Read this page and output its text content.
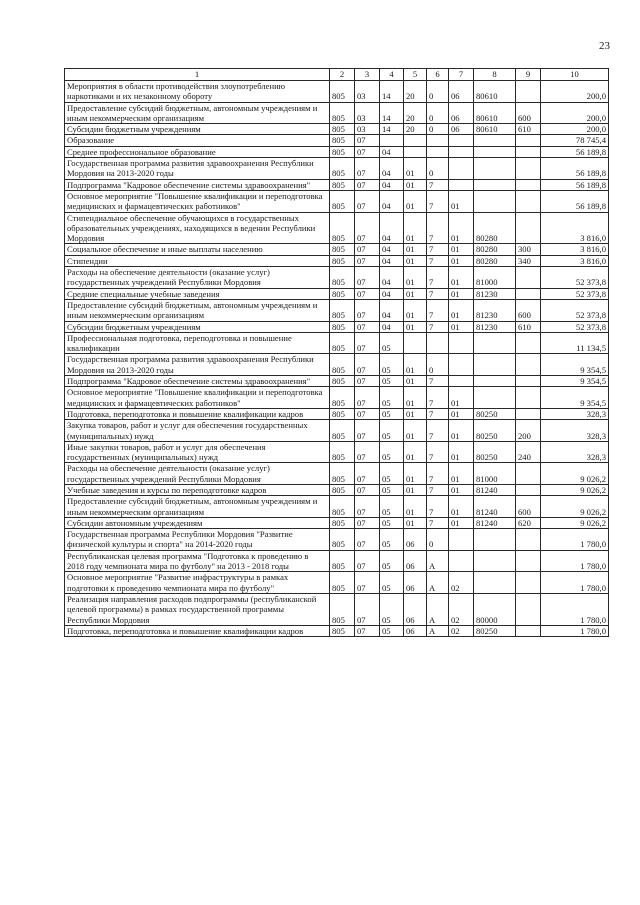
23
1	2	3	4	5	6	7	8	9	10
Мероприятия в области противодействия злоупотреблению наркотиками и их незаконному обороту	805	03	14	20	0	06	80610		200,0
Предоставление субсидий бюджетным, автономным учреждениям и иным некоммерческим организациям	805	03	14	20	0	06	80610	600	200,0
Субсидии бюджетным учреждениям	805	03	14	20	0	06	80610	610	200,0
Образование	805	07							78 745,4
Среднее профессиональное образование	805	07	04						56 189,8
Государственная программа развития здравоохранения Республики Мордовия на 2013-2020 годы	805	07	04	01	0				56 189,8
Подпрограмма "Кадровое обеспечение системы здравоохранения"	805	07	04	01	7				56 189,8
Основное мероприятие "Повышение квалификации и переподготовка медицинских и фармацевтических работников"	805	07	04	01	7	01			56 189,8
Стипендиальное обеспечение обучающихся в государственных образовательных учреждениях, находящихся в ведении Республики Мордовия	805	07	04	01	7	01	80280		3 816,0
Социальное обеспечение и иные выплаты населению	805	07	04	01	7	01	80280	300	3 816,0
Стипендии	805	07	04	01	7	01	80280	340	3 816,0
Расходы на обеспечение деятельности (оказание услуг) государственных учреждений Республики Мордовия	805	07	04	01	7	01	81000		52 373,8
Средние специальные учебные заведения	805	07	04	01	7	01	81230		52 373,8
Предоставление субсидий бюджетным, автономным учреждениям и иным некоммерческим организациям	805	07	04	01	7	01	81230	600	52 373,8
Субсидии бюджетным учреждениям	805	07	04	01	7	01	81230	610	52 373,8
Профессиональная подготовка, переподготовка и повышение квалификации	805	07	05						11 134,5
Государственная программа развития здравоохранения Республики Мордовия на 2013-2020 годы	805	07	05	01	0				9 354,5
Подпрограмма "Кадровое обеспечение системы здравоохранения"	805	07	05	01	7				9 354,5
Основное мероприятие "Повышение квалификации и переподготовка медицинских и фармацевтических работников"	805	07	05	01	7	01			9 354,5
Подготовка, переподготовка и повышение квалификации кадров	805	07	05	01	7	01	80250		328,3
Закупка товаров, работ и услуг для обеспечения государственных (муниципальных) нужд	805	07	05	01	7	01	80250	200	328,3
Иные закупки товаров, работ и услуг для обеспечения государственных (муниципальных) нужд	805	07	05	01	7	01	80250	240	328,3
Расходы на обеспечение деятельности (оказание услуг) государственных учреждений Республики Мордовия	805	07	05	01	7	01	81000		9 026,2
Учебные заведения и курсы по переподготовке кадров	805	07	05	01	7	01	81240		9 026,2
Предоставление субсидий бюджетным, автономным учреждениям и иным некоммерческим организациям	805	07	05	01	7	01	81240	600	9 026,2
Субсидии автономным учреждениям	805	07	05	01	7	01	81240	620	9 026,2
Государственная программа Республики Мордовия "Развитие физической культуры и спорта" на 2014-2020 годы	805	07	05	06	0				1 780,0
Республиканская целевая программа "Подготовка к проведению в 2018 году чемпионата мира по футболу" на 2013 - 2018 годы	805	07	05	06	А				1 780,0
Основное мероприятие "Развитие инфраструктуры в рамках подготовки к проведению чемпионата мира по футболу"	805	07	05	06	А	02			1 780,0
Реализация направления расходов подпрограммы (республиканской целевой программы) в рамках государственной программы Республики Мордовия	805	07	05	06	А	02	80000		1 780,0
Подготовка, переподготовка и повышение квалификации кадров	805	07	05	06	А	02	80250		1 780,0
